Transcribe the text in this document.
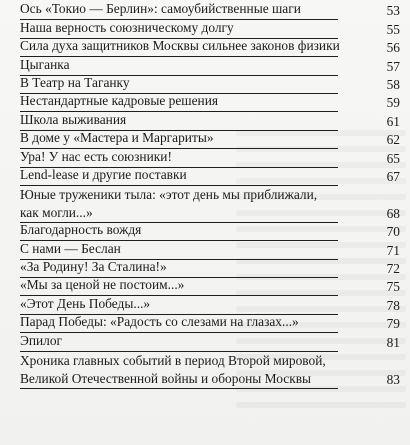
Ось «Токио — Берлин»: самоубийственные шаги	53
Наша верность союзническому долгу	55
Сила духа защитников Москвы сильнее законов физики	56
Цыганка	57
В Театр на Таганку	58
Нестандартные кадровые решения	59
Школа выживания	61
В доме у «Мастера и Маргариты»	62
Ура! У нас есть союзники!	65
Lend-lease и другие поставки	67
Юные труженики тыла: «этот день мы приближали,
как могли...»	68
Благодарность вождя	70
С нами — Беслан	71
«За Родину! За Сталина!»	72
«Мы за ценой не постоим...»	75
«Этот День Победы...»	78
Парад Победы: «Радость со слезами на глазах...»	79
Эпилог	81
Хроника главных событий в период Второй мировой,
Великой Отечественной войны и обороны Москвы	83
